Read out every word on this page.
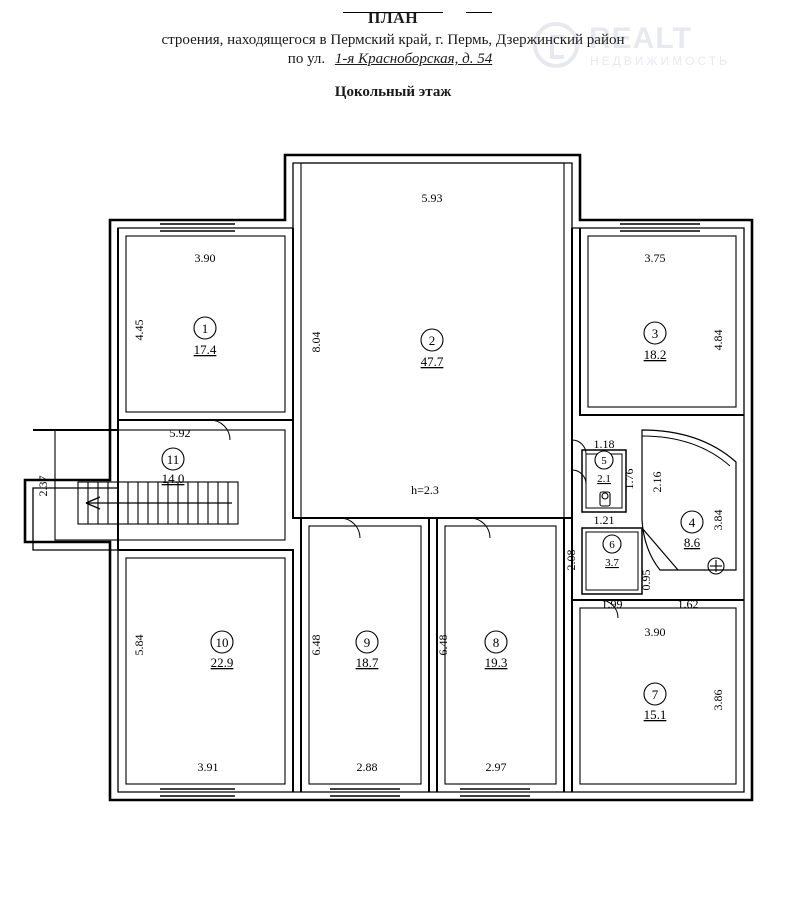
ПЛАН
строения, находящегося в Пермский край, г. Пермь, Дзержинский район
по ул. 1-я Красноборская, д. 54
Цокольный этаж
REALT
НЕДВИЖИМОСТЬ
1
17.4
2
47.7
3
18.2
4
8.6
5
2.1
6
3.7
7
15.1
8
19.3
9
18.7
10
22.9
11
14.0
3.90
4.45
5.93
8.04
3.75
4.84
5.92
2.37
5.84
3.91
6.48
2.88
6.48
2.97
1.18
1.76 2.16
3.84
1.21
2.08
1.99
0.95
1.62
3.90
3.86
h=2.3
